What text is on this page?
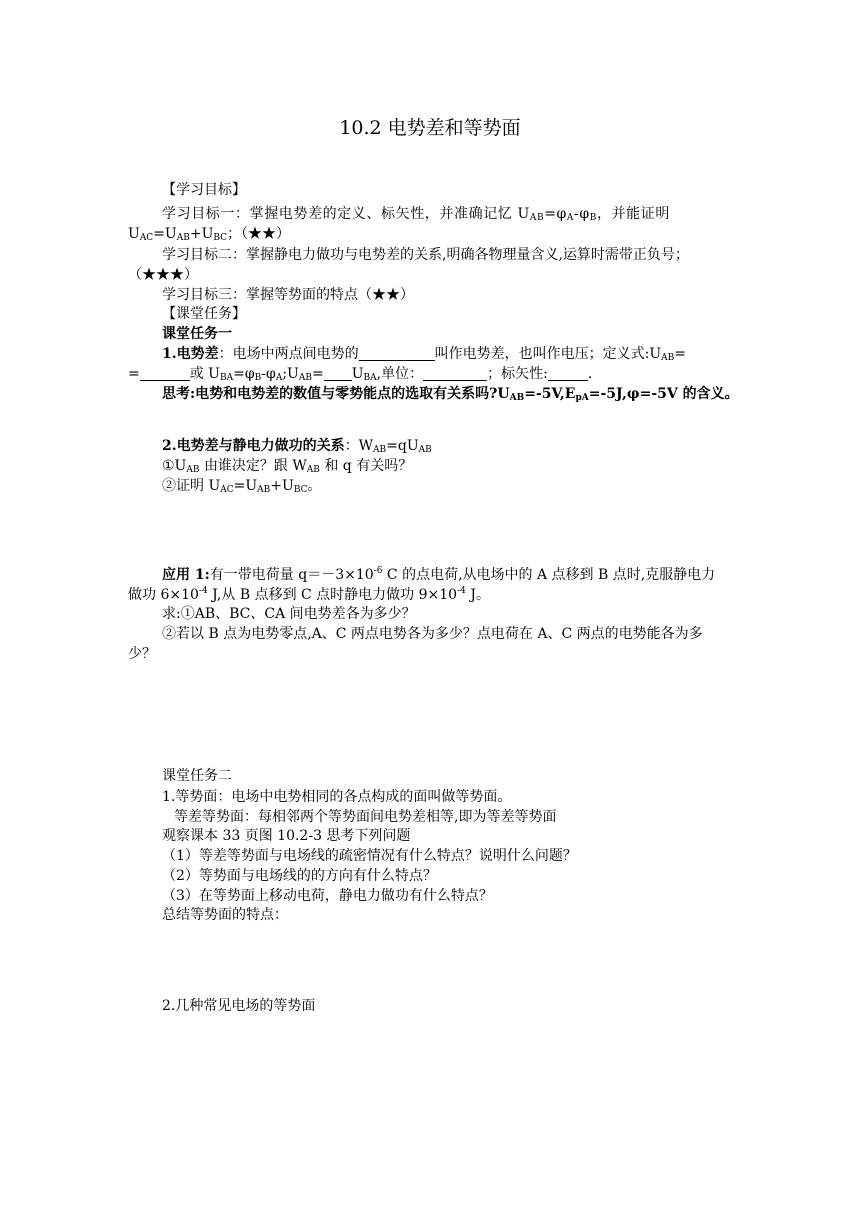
10.2 电势差和等势面
【学习目标】
学习目标一：掌握电势差的定义、标矢性，并准确记忆 $U_{AB}=\varphi_A-\varphi_B$，并能证明
$U_{AC}=U_{AB}+U_{BC}$；（★★）
学习目标二：掌握静电力做功与电势差的关系,明确各物理量含义,运算时需带正负号；
（★★★）
学习目标三：掌握等势面的特点（★★）
【课堂任务】
课堂任务一
1.电势差：电场中两点间电势的	叫作电势差，也叫作电压；定义式$:U_{AB}=$
=	或 $U_{BA}=\varphi_B-\varphi_A;U_{AB}= U_{BA}$,单位：	；标矢性:	.
思考:电势和电势差的数值与零势能点的选取有关系吗$?U_{AB}=-5V,E_{pA}=-5J,\varphi=-5V$ 的含义。
2.电势差与静电力做功的关系：$W_{AB}=qU_{AB}$
$①U_{AB}$ 由谁决定？跟 $W_{AB}$ 和 q 有关吗？
②证明 $U_{AC}=U_{AB}+U_{BC}$。
应用 1:有一带电荷量 $q=-3\times 10^{-6}$ C 的点电荷,从电场中的 A 点移到 B 点时,克服静电力
做功 $6\times 10^{-4}$ J,从 B 点移到 C 点时静电力做功 $9\times 10^{-4}$ J。
求:①AB、BC、CA 间电势差各为多少？
②若以 B 点为电势零点,A、C 两点电势各为多少？点电荷在 A、C 两点的电势能各为多
少？
课堂任务二
1.等势面：电场中电势相同的各点构成的面叫做等势面。
等差等势面：每相邻两个等势面间电势差相等,即为等差等势面
观察课本 33 页图 10.2-3 思考下列问题
（1）等差等势面与电场线的疏密情况有什么特点？说明什么问题？
（2）等势面与电场线的的方向有什么特点？
（3）在等势面上移动电荷，静电力做功有什么特点？
总结等势面的特点：
2.几种常见电场的等势面
